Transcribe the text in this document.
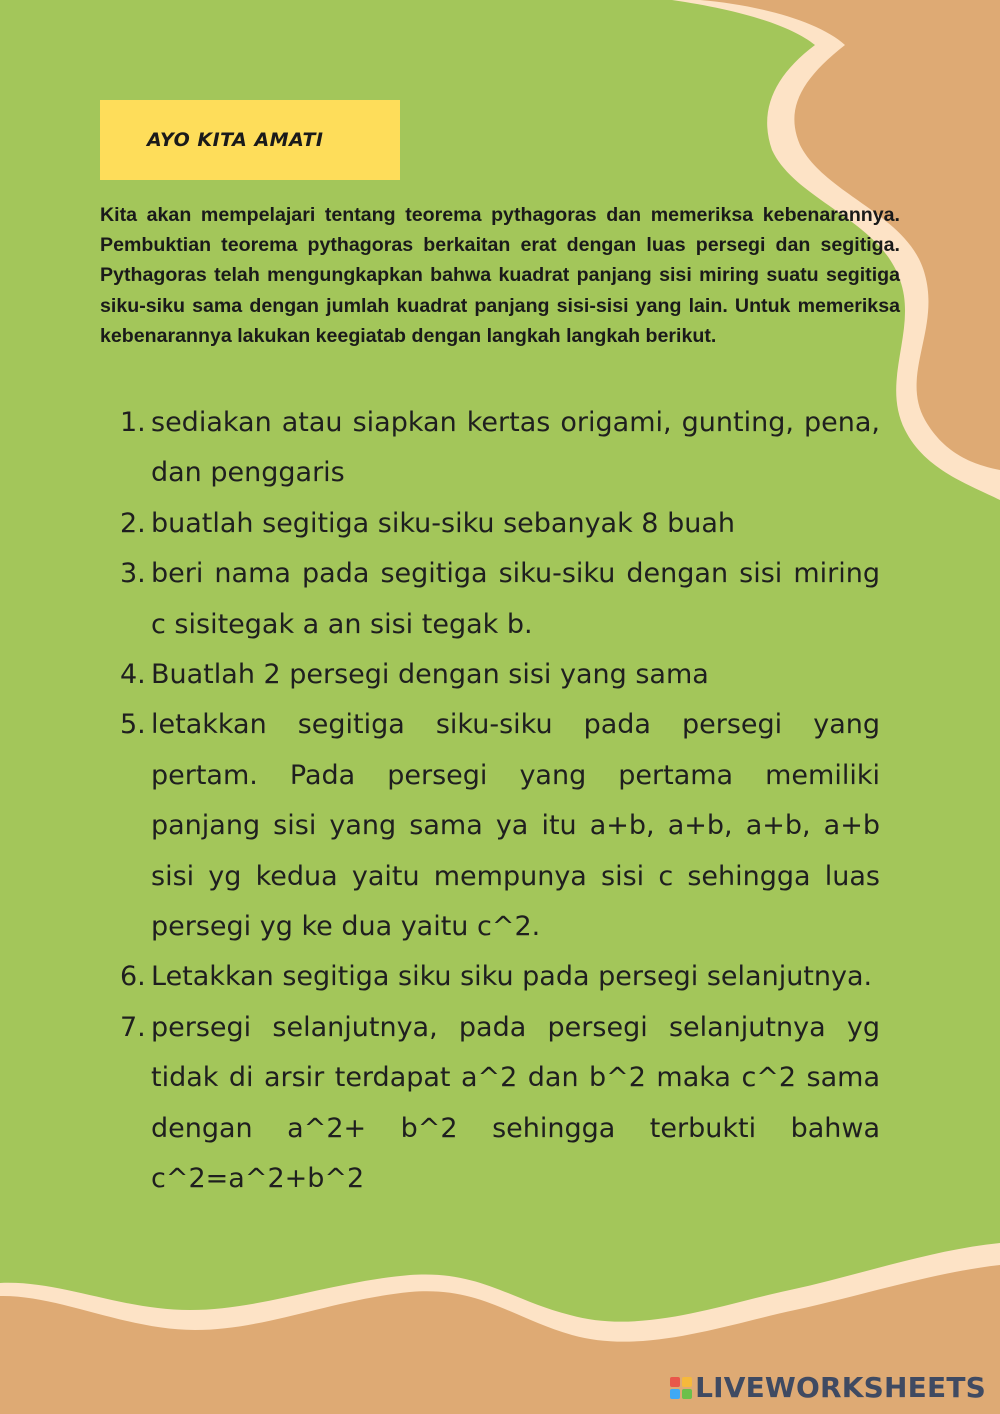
AYO KITA AMATI

Kita akan mempelajari tentang teorema pythagoras dan memeriksa kebenarannya. Pembuktian teorema pythagoras berkaitan erat dengan luas persegi dan segitiga. Pythagoras telah mengungkapkan bahwa kuadrat panjang sisi miring suatu segitiga siku-siku sama dengan jumlah kuadrat panjang sisi-sisi yang lain. Untuk memeriksa kebenarannya lakukan keegiatab dengan langkah langkah berikut.

1. sediakan atau siapkan kertas origami, gunting, pena, dan penggaris
2. buatlah segitiga siku-siku sebanyak 8 buah
3. beri nama pada segitiga siku-siku dengan sisi miring c sisitegak a an sisi tegak b.
4. Buatlah 2 persegi dengan sisi yang sama
5. letakkan segitiga siku-siku pada persegi yang pertam. Pada persegi yang pertama memiliki panjang sisi yang sama ya itu a+b, a+b, a+b, a+b sisi yg kedua yaitu mempunya sisi c sehingga luas persegi yg ke dua yaitu c^2.
6. Letakkan segitiga siku siku pada persegi selanjutnya.
7. persegi selanjutnya, pada persegi selanjutnya yg tidak di arsir terdapat a^2 dan b^2 maka c^2 sama dengan a^2+ b^2 sehingga terbukti bahwa c^2=a^2+b^2
LIVEWORKSHEETS
